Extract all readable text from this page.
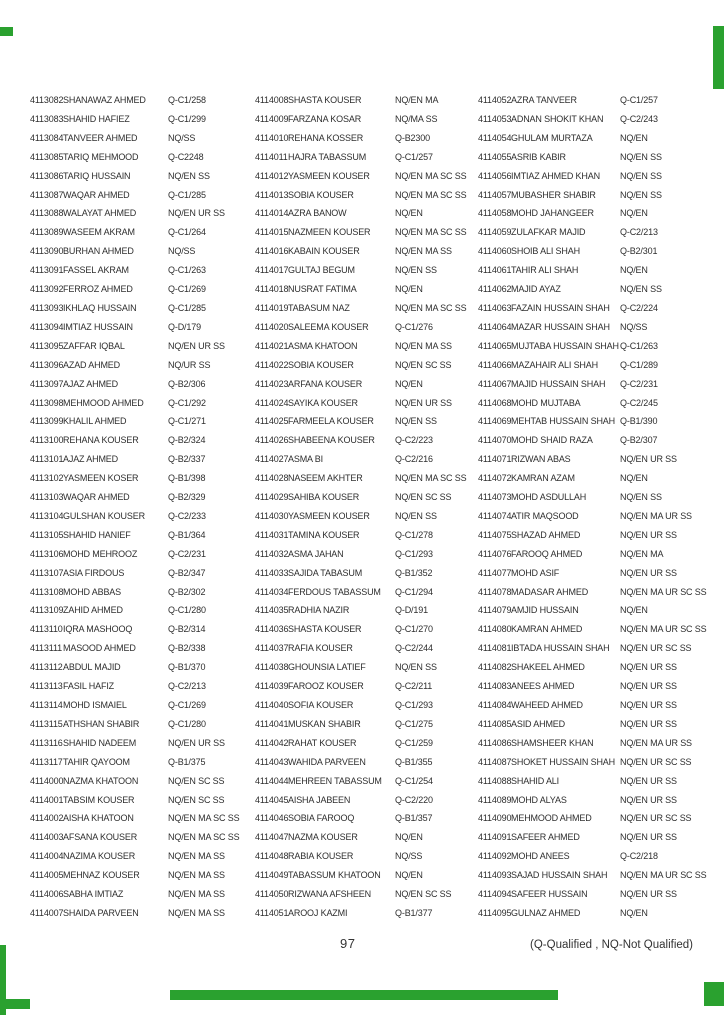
4113082 SHANAWAZ AHMED	Q-C1/258
4113083 SHAHID HAFIEZ	Q-C1/299
4113084 TANVEER AHMED	NQ/SS
4113085 TARIQ MEHMOOD	Q-C2248
4113086 TARIQ HUSSAIN	NQ/EN SS
4113087 WAQAR AHMED	Q-C1/285
4113088 WALAYAT AHMED	NQ/EN UR SS
4113089 WASEEM AKRAM	Q-C1/264
4113090 BURHAN AHMED	NQ/SS
4113091 FASSEL AKRAM	Q-C1/263
4113092 FERROZ AHMED	Q-C1/269
4113093 IKHLAQ HUSSAIN	Q-C1/285
4113094 IMTIAZ HUSSAIN	Q-D/179
4113095 ZAFFAR IQBAL	NQ/EN UR SS
4113096 AZAD AHMED	NQ/UR SS
4113097 AJAZ AHMED	Q-B2/306
4113098 MEHMOOD AHMED	Q-C1/292
4113099 KHALIL AHMED	Q-C1/271
4113100 REHANA KOUSER	Q-B2/324
4113101 AJAZ AHMED	Q-B2/337
4113102 YASMEEN KOSER	Q-B1/398
4113103 WAQAR AHMED	Q-B2/329
4113104 GULSHAN KOUSER	Q-C2/233
4113105 SHAHID HANIEF	Q-B1/364
4113106 MOHD MEHROOZ	Q-C2/231
4113107 ASIA FIRDOUS	Q-B2/347
4113108 MOHD ABBAS	Q-B2/302
4113109 ZAHID AHMED	Q-C1/280
4113110 IQRA MASHOOQ	Q-B2/314
4113111 MASOOD AHMED	Q-B2/338
4113112 ABDUL MAJID	Q-B1/370
4113113 FASIL HAFIZ	Q-C2/213
4113114 MOHD ISMAIEL	Q-C1/269
4113115 ATHSHAN SHABIR	Q-C1/280
4113116 SHAHID NADEEM	NQ/EN UR SS
4113117 TAHIR QAYOOM	Q-B1/375
4114000 NAZMA KHATOON	NQ/EN SC SS
4114001 TABSIM KOUSER	NQ/EN SC SS
4114002 AISHA KHATOON	NQ/EN MA SC SS
4114003 AFSANA KOUSER	NQ/EN MA SC SS
4114004 NAZIMA KOUSER	NQ/EN MA SS
4114005 MEHNAZ KOUSER	NQ/EN MA SS
4114006 SABHA IMTIAZ	NQ/EN MA SS
4114007 SHAIDA PARVEEN	NQ/EN MA SS
4114008 SHASTA KOUSER	NQ/EN MA
4114009 FARZANA KOSAR	NQ/MA SS
4114010 REHANA KOSSER	Q-B2300
4114011 HAJRA TABASSUM	Q-C1/257
4114012 YASMEEN KOUSER	NQ/EN MA SC SS
4114013 SOBIA KOUSER	NQ/EN MA SC SS
4114014 AZRA BANOW	NQ/EN
4114015 NAZMEEN KOUSER	NQ/EN MA SC SS
4114016 KABAIN KOUSER	NQ/EN MA SS
4114017 GULTAJ BEGUM	NQ/EN SS
4114018 NUSRAT FATIMA	NQ/EN
4114019 TABASUM NAZ	NQ/EN MA SC SS
4114020 SALEEMA KOUSER	Q-C1/276
4114021 ASMA KHATOON	NQ/EN MA SS
4114022 SOBIA KOUSER	NQ/EN SC SS
4114023 ARFANA KOUSER	NQ/EN
4114024 SAYIKA KOUSER	NQ/EN UR SS
4114025 FARMEELA KOUSER	NQ/EN SS
4114026 SHABEENA KOUSER	Q-C2/223
4114027 ASMA BI	Q-C2/216
4114028 NASEEM AKHTER	NQ/EN MA SC SS
4114029 SAHIBA KOUSER	NQ/EN SC SS
4114030 YASMEEN KOUSER	NQ/EN SS
4114031 TAMINA KOUSER	Q-C1/278
4114032 ASMA JAHAN	Q-C1/293
4114033 SAJIDA TABASUM	Q-B1/352
4114034 FERDOUS TABASSUM	Q-C1/294
4114035 RADHIA NAZIR	Q-D/191
4114036 SHASTA KOUSER	Q-C1/270
4114037 RAFIA KOUSER	Q-C2/244
4114038 GHOUNSIA LATIEF	NQ/EN SS
4114039 FAROOZ KOUSER	Q-C2/211
4114040 SOFIA KOUSER	Q-C1/293
4114041 MUSKAN SHABIR	Q-C1/275
4114042 RAHAT KOUSER	Q-C1/259
4114043 WAHIDA PARVEEN	Q-B1/355
4114044 MEHREEN TABASSUM	Q-C1/254
4114045 AISHA JABEEN	Q-C2/220
4114046 SOBIA FAROOQ	Q-B1/357
4114047 NAZMA KOUSER	NQ/EN
4114048 RABIA KOUSER	NQ/SS
4114049 TABASSUM KHATOON	NQ/EN
4114050 RIZWANA AFSHEEN	NQ/EN SC SS
4114051 AROOJ KAZMI	Q-B1/377
4114052 AZRA TANVEER	Q-C1/257
4114053 ADNAN SHOKIT KHAN	Q-C2/243
4114054 GHULAM MURTAZA	NQ/EN
4114055 ASRIB KABIR	NQ/EN SS
4114056 IMTIAZ AHMED KHAN	NQ/EN SS
4114057 MUBASHER SHABIR	NQ/EN SS
4114058 MOHD JAHANGEER	NQ/EN
4114059 ZULAFKAR MAJID	Q-C2/213
4114060 SHOIB ALI SHAH	Q-B2/301
4114061 TAHIR ALI SHAH	NQ/EN
4114062 MAJID AYAZ	NQ/EN SS
4114063 FAZAIN HUSSAIN SHAH	Q-C2/224
4114064 MAZAR HUSSAIN SHAH	NQ/SS
4114065 MUJTABA HUSSAIN SHAH Q-C1/263
4114066 MAZAHAIR ALI SHAH	Q-C1/289
4114067 MAJID HUSSAIN SHAH	Q-C2/231
4114068 MOHD MUJTABA	Q-C2/245
4114069 MEHTAB HUSSAIN SHAH Q-B1/390
4114070 MOHD SHAID RAZA	Q-B2/307
4114071 RIZWAN ABAS	NQ/EN UR SS
4114072 KAMRAN AZAM	NQ/EN
4114073 MOHD ASDULLAH	NQ/EN SS
4114074 ATIR MAQSOOD	NQ/EN MA UR SS
4114075 SHAZAD AHMED	NQ/EN UR SS
4114076 FAROOQ AHMED	NQ/EN MA
4114077 MOHD ASIF	NQ/EN UR SS
4114078 MADASAR AHMED	NQ/EN MA UR SC SS
4114079 AMJID HUSSAIN	NQ/EN
4114080 KAMRAN AHMED	NQ/EN MA UR SC SS
4114081 IBTADA HUSSAIN SHAH	NQ/EN UR SC SS
4114082 SHAKEEL AHMED	NQ/EN UR SS
4114083 ANEES AHMED	NQ/EN UR SS
4114084 WAHEED AHMED	NQ/EN UR SS
4114085 ASID AHMED	NQ/EN UR SS
4114086 SHAMSHEER KHAN	NQ/EN MA UR SS
4114087 SHOKET HUSSAIN SHAH NQ/EN UR SC SS
4114088 SHAHID ALI	NQ/EN UR SS
4114089 MOHD ALYAS	NQ/EN UR SS
4114090 MEHMOOD AHMED	NQ/EN UR SC SS
4114091 SAFEER AHMED	NQ/EN UR SS
4114092 MOHD ANEES	Q-C2/218
4114093 SAJAD HUSSAIN SHAH	NQ/EN MA UR SC SS
4114094 SAFEER HUSSAIN	NQ/EN UR SS
4114095 GULNAZ AHMED	NQ/EN
97	(Q-Qualified , NQ-Not Qualified)
